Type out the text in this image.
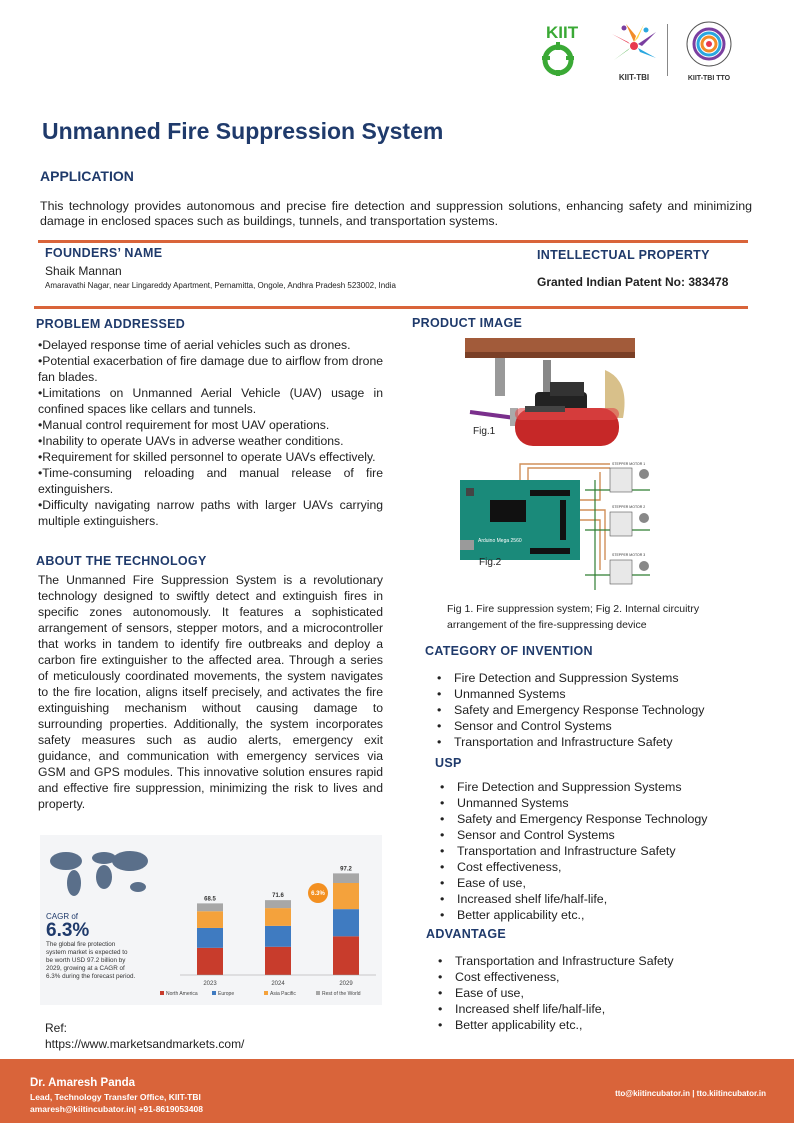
KIIT
KIIT-TBI	KIIT-TBI TTO
Unmanned Fire Suppression System
APPLICATION

This technology provides autonomous and precise fire detection and suppression solutions, enhancing safety and minimizing damage in enclosed spaces such as buildings, tunnels, and transportation systems.

FOUNDERS’ NAME
Shaik Mannan
Amaravathi Nagar, near Lingareddy Apartment, Pernamitta, Ongole, Andhra Pradesh 523002, India
INTELLECTUAL PROPERTY
Granted Indian Patent No: 383478
PROBLEM ADDRESSED
•Delayed response time of aerial vehicles such as drones.
•Potential exacerbation of fire damage due to airflow from drone fan blades.
•Limitations on Unmanned Aerial Vehicle (UAV) usage in confined spaces like cellars and tunnels.
•Manual control requirement for most UAV operations.
•Inability to operate UAVs in adverse weather conditions.
•Requirement for skilled personnel to operate UAVs effectively.
•Time-consuming reloading and manual release of fire extinguishers.
•Difficulty navigating narrow paths with larger UAVs carrying multiple extinguishers.
ABOUT THE TECHNOLOGY

The Unmanned Fire Suppression System is a revolutionary technology designed to swiftly detect and extinguish fires in specific zones autonomously. It features a sophisticated arrangement of sensors, stepper motors, and a microcontroller that works in tandem to identify fire outbreaks and deploy a carbon fire extinguisher to the affected area. Through a series of meticulously coordinated movements, the system navigates to the fire location, aligns itself precisely, and activates the fire extinguishing mechanism without causing damage to surrounding properties. Additionally, the system incorporates safety measures such as audio alerts, emergency exit guidance, and communication with emergency services via GSM and GPS modules. This innovative solution ensures rapid and effective fire suppression, minimizing the risk to lives and property.

CAGR of
6.3%
The global fire protection system market is expected to be worth USD 97.2 billion by 2029, growing at a CAGR of 6.3% during the forecast period.
68.5
2023
71.6
2024
97.2
2029
6.3%
North America	Europe	Asia Pacific	Rest of the World
Ref:
https://www.marketsandmarkets.com/
PRODUCT IMAGE
Fig.1
Arduino Mega 2560
STEPPER MOTOR 1
STEPPER MOTOR 2
STEPPER MOTOR 3
Fig.2
Fig 1. Fire suppression system; Fig 2. Internal circuitry arrangement of the fire-suppressing device
CATEGORY OF INVENTION
• Fire Detection and Suppression Systems
• Unmanned Systems
• Safety and Emergency Response Technology
• Sensor and Control Systems
• Transportation and Infrastructure Safety
USP
• Fire Detection and Suppression Systems
• Unmanned Systems
• Safety and Emergency Response Technology
• Sensor and Control Systems
• Transportation and Infrastructure Safety
• Cost effectiveness,
• Ease of use,
• Increased shelf life/half-life,
• Better applicability etc.,
ADVANTAGE
• Transportation and Infrastructure Safety
• Cost effectiveness,
• Ease of use,
• Increased shelf life/half-life,
• Better applicability etc.,
Dr. Amaresh Panda
Lead, Technology Transfer Office, KIIT-TBI
amaresh@kiitincubator.in| +91-8619053408
tto@kiitincubator.in | tto.kiitincubator.in
